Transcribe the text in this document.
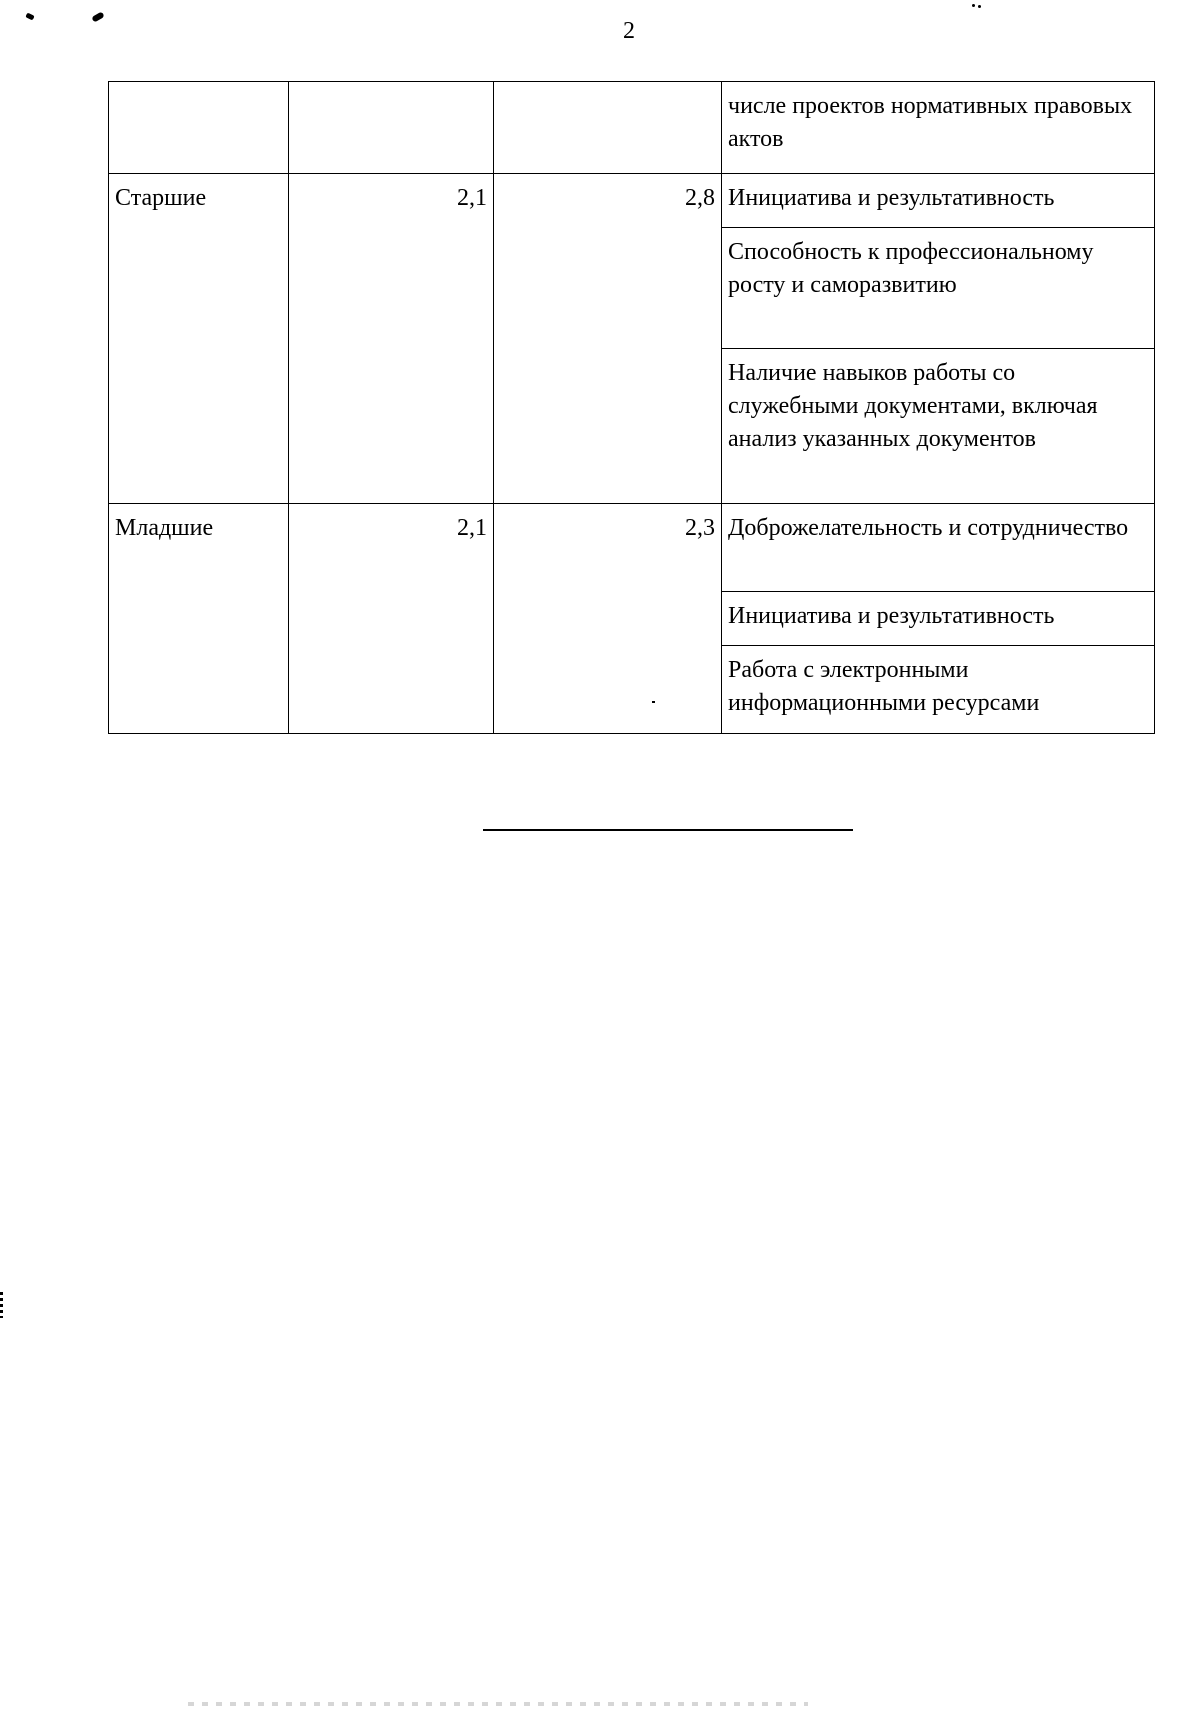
2
			числе проектов нормативных правовых актов
Старшие	2,1	2,8	Инициатива и результативность
			Способность к профессиональному росту и саморазвитию
			Наличие навыков работы со служебными документами, включая анализ указанных документов
Младшие	2,1	2,3	Доброжелательность и сотрудничество
			Инициатива и результативность
			Работа с электронными информационными ресурсами
